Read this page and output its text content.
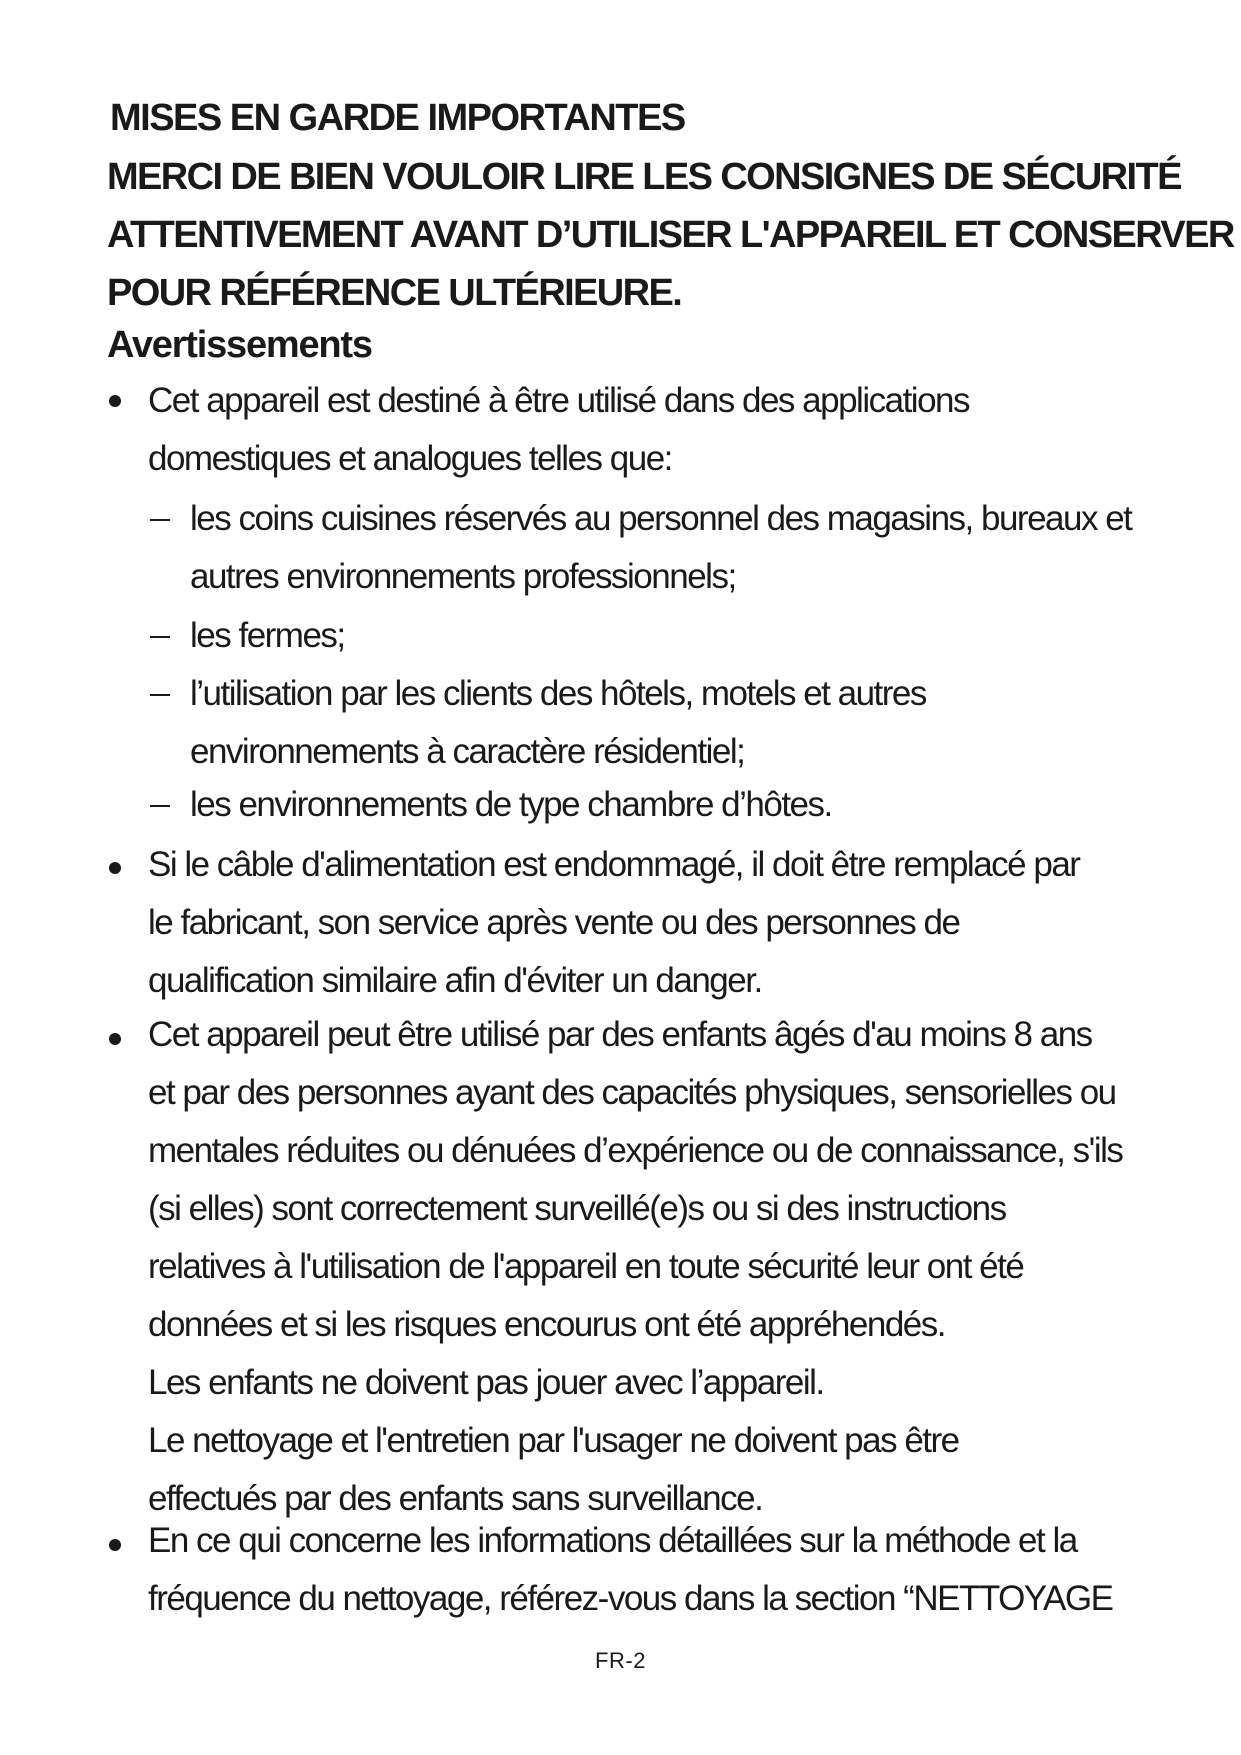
MISES EN GARDE IMPORTANTES
MERCI DE BIEN VOULOIR LIRE LES CONSIGNES DE SÉCURITÉ
ATTENTIVEMENT AVANT D’UTILISER L'APPAREIL ET CONSERVER
POUR RÉFÉRENCE ULTÉRIEURE.
Avertissements
Cet appareil est destiné à être utilisé dans des applications
domestiques et analogues telles que:
les coins cuisines réservés au personnel des magasins, bureaux et
autres environnements professionnels;
les fermes;
l’utilisation par les clients des hôtels, motels et autres
environnements à caractère résidentiel;
les environnements de type chambre d’hôtes.
Si le câble d'alimentation est endommagé, il doit être remplacé par
le fabricant, son service après vente ou des personnes de
qualification similaire afin d'éviter un danger.
Cet appareil peut être utilisé par des enfants âgés d'au moins 8 ans
et par des personnes ayant des capacités physiques, sensorielles ou
mentales réduites ou dénuées d’expérience ou de connaissance, s'ils
(si elles) sont correctement surveillé(e)s ou si des instructions
relatives à l'utilisation de l'appareil en toute sécurité leur ont été
données et si les risques encourus ont été appréhendés.
Les enfants ne doivent pas jouer avec l’appareil.
Le nettoyage et l'entretien par l'usager ne doivent pas être
effectués par des enfants sans surveillance.
En ce qui concerne les informations détaillées sur la méthode et la
fréquence du nettoyage, référez-vous dans la section “NETTOYAGE
FR-2
